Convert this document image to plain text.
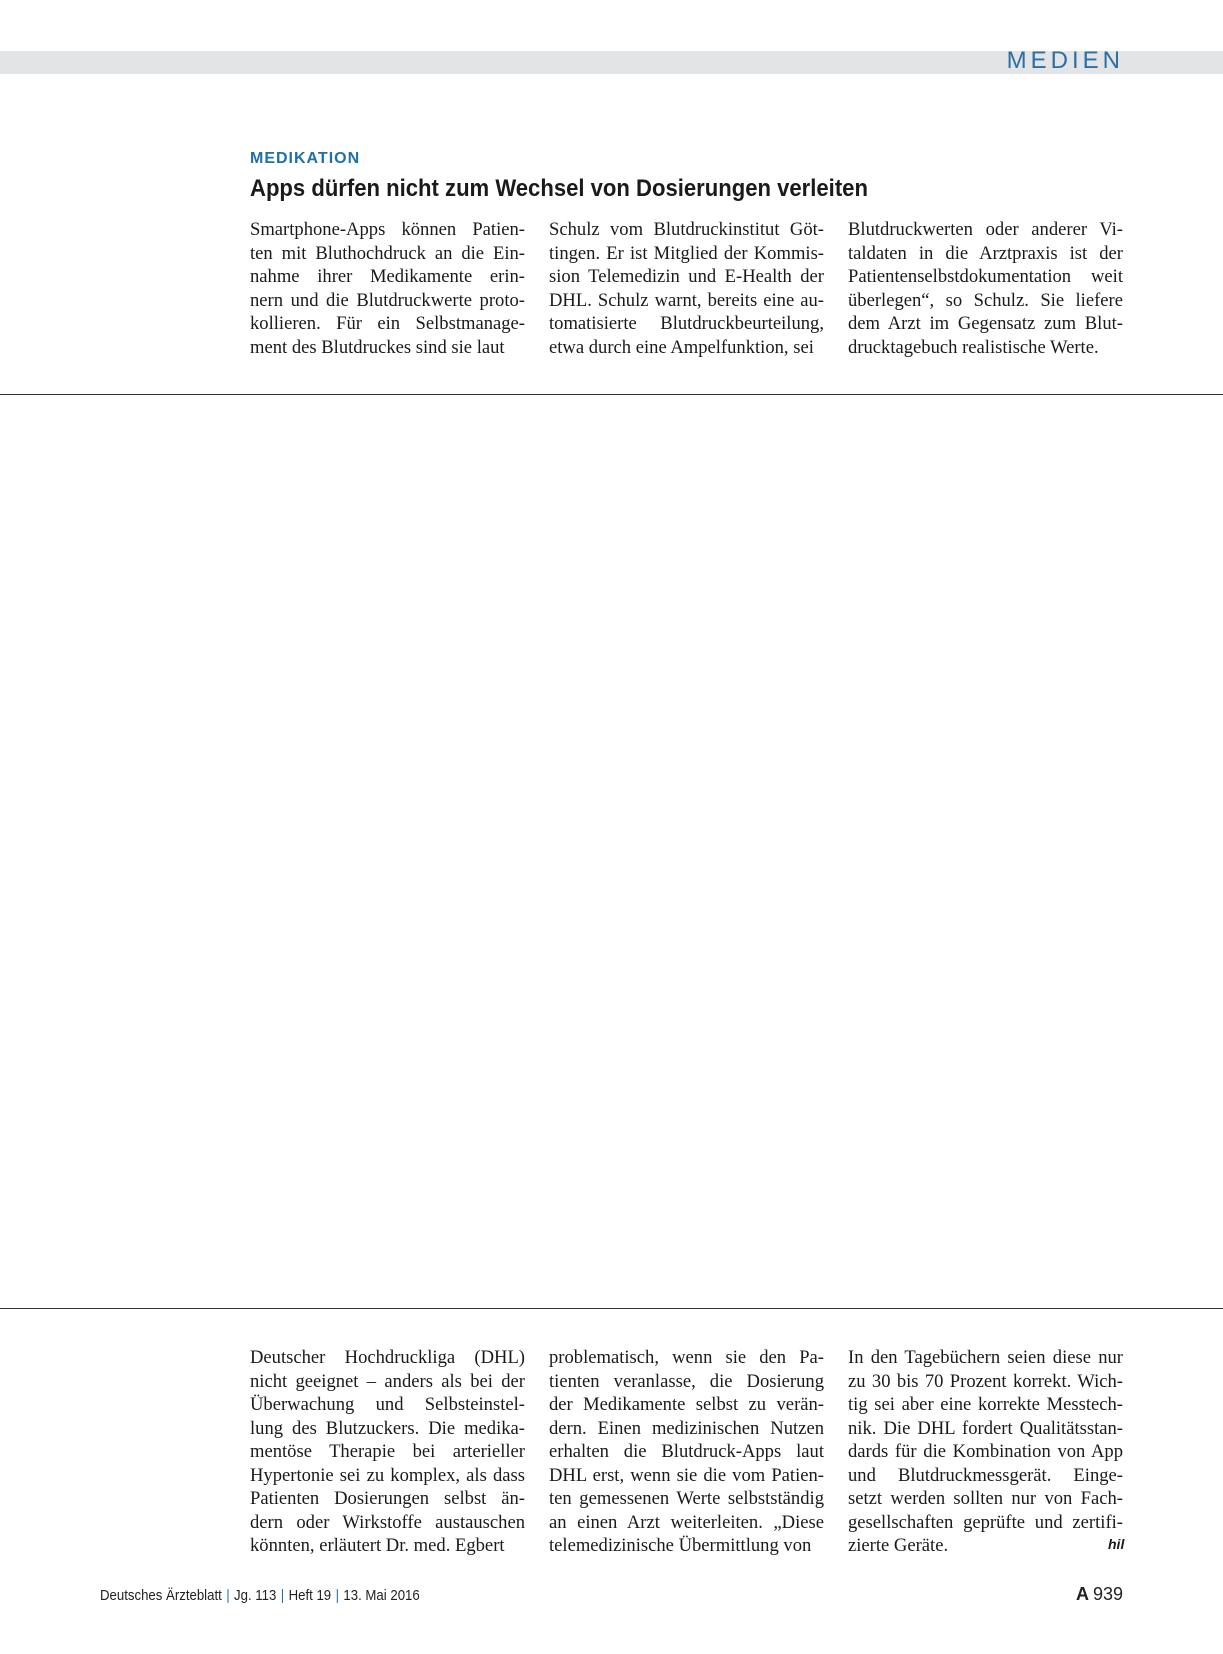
MEDIEN
MEDIKATION
Apps dürfen nicht zum Wechsel von Dosierungen verleiten
Smartphone-Apps können Patien-
ten mit Bluthochdruck an die Ein-
nahme ihrer Medikamente erin-
nern und die Blutdruckwerte proto-
kollieren. Für ein Selbstmanage-
ment des Blutdruckes sind sie laut
Schulz vom Blutdruckinstitut Göt-
tingen. Er ist Mitglied der Kommis-
sion Telemedizin und E-Health der
DHL. Schulz warnt, bereits eine au-
tomatisierte Blutdruckbeurteilung,
etwa durch eine Ampelfunktion, sei
Blutdruckwerten oder anderer Vi-
taldaten in die Arztpraxis ist der
Patientenselbstdokumentation weit
überlegen“, so Schulz. Sie liefere
dem Arzt im Gegensatz zum Blut-
drucktagebuch realistische Werte.
Deutscher Hochdruckliga (DHL)
nicht geeignet – anders als bei der
Überwachung und Selbsteinstel-
lung des Blutzuckers. Die medika-
mentöse Therapie bei arterieller
Hypertonie sei zu komplex, als dass
Patienten Dosierungen selbst än-
dern oder Wirkstoffe austauschen
könnten, erläutert Dr. med. Egbert
problematisch, wenn sie den Pa-
tienten veranlasse, die Dosierung
der Medikamente selbst zu verän-
dern. Einen medizinischen Nutzen
erhalten die Blutdruck-Apps laut
DHL erst, wenn sie die vom Patien-
ten gemessenen Werte selbstständig
an einen Arzt weiterleiten. „Diese
telemedizinische Übermittlung von
In den Tagebüchern seien diese nur
zu 30 bis 70 Prozent korrekt. Wich-
tig sei aber eine korrekte Messtech-
nik. Die DHL fordert Qualitätsstan-
dards für die Kombination von App
und Blutdruckmessgerät. Einge-
setzt werden sollten nur von Fach-
gesellschaften geprüfte und zertifi-
zierte Geräte.	hil
Deutsches Ärzteblatt | Jg. 113 | Heft 19 | 13. Mai 2016	A 939
